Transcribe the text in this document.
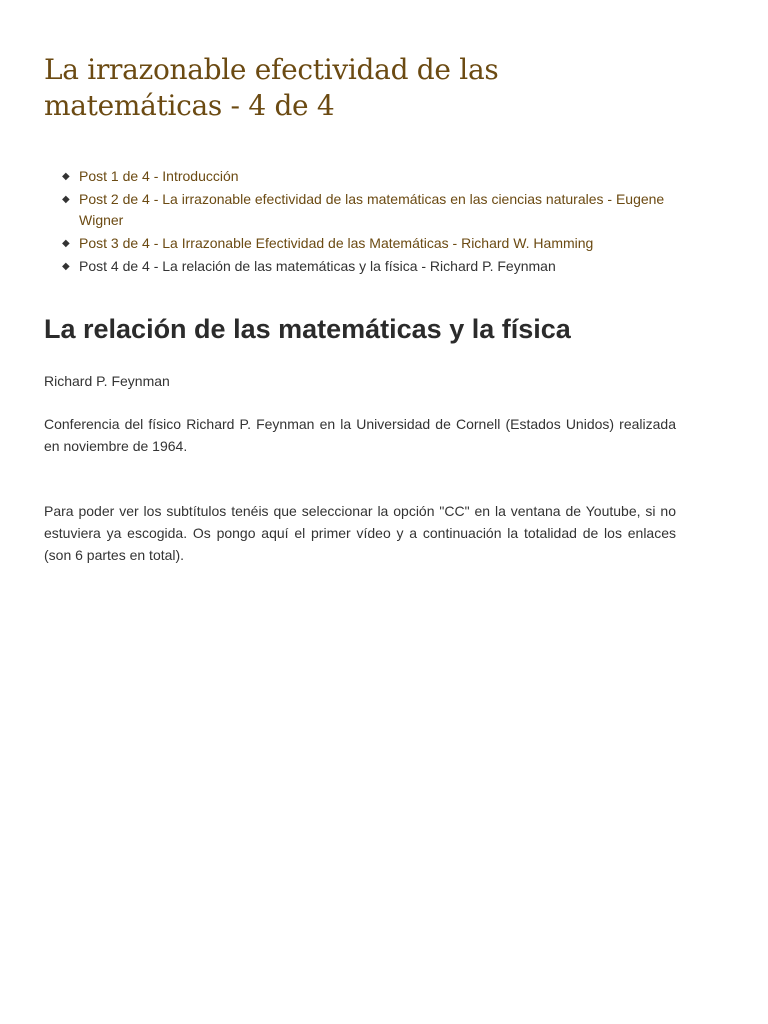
La irrazonable efectividad de las matemáticas - 4 de 4
◆ Post 1 de 4 - Introducción
◆ Post 2 de 4 - La irrazonable efectividad de las matemáticas en las ciencias naturales - Eugene Wigner
◆ Post 3 de 4 - La Irrazonable Efectividad de las Matemáticas - Richard W. Hamming
◆ Post 4 de 4 - La relación de las matemáticas y la física - Richard P. Feynman
La relación de las matemáticas y la física

Richard P. Feynman

Conferencia del físico Richard P. Feynman en la Universidad de Cornell (Estados Unidos) realizada en noviembre de 1964.

Para poder ver los subtítulos tenéis que seleccionar la opción "CC" en la ventana de Youtube, si no estuviera ya escogida. Os pongo aquí el primer vídeo y a continuación la totalidad de los enlaces (son 6 partes en total).
